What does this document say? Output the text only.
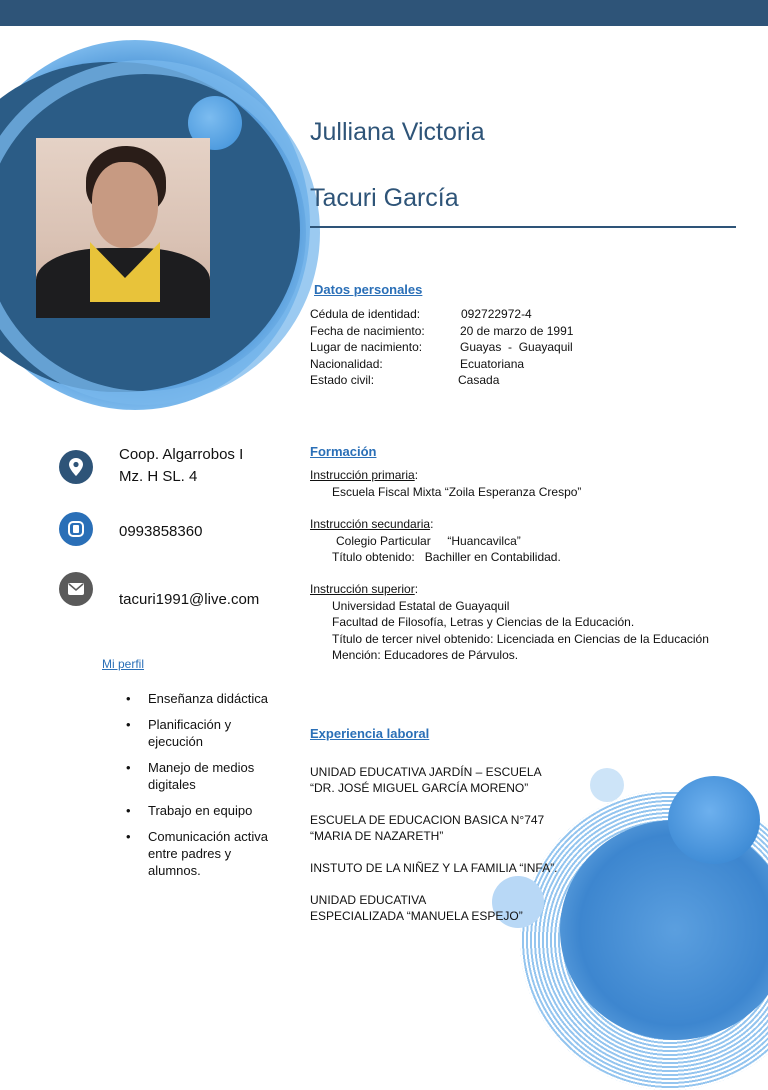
Julliana Victoria
Tacuri García
Datos personales
Cédula de identidad:	092722972-4
Fecha de nacimiento:	20 de marzo de 1991
Lugar de nacimiento:	Guayas  -  Guayaquil
Nacionalidad:	Ecuatoriana
Estado civil:	Casada
Formación
Instrucción primaria:
Escuela Fiscal Mixta “Zoila Esperanza Crespo”
Instrucción secundaria:
Colegio Particular     “Huancavilca”
Título obtenido:   Bachiller en Contabilidad.
Instrucción superior:
Universidad Estatal de Guayaquil
Facultad de Filosofía, Letras y Ciencias de la Educación.
Título de tercer nivel obtenido: Licenciada en Ciencias de la Educación
Mención: Educadores de Párvulos.
Experiencia laboral
UNIDAD EDUCATIVA JARDÍN – ESCUELA
“DR. JOSÉ MIGUEL GARCÍA MORENO”
ESCUELA DE EDUCACION BASICA N°747
“MARIA DE NAZARETH”
INSTUTO DE LA NIÑEZ Y LA FAMILIA “INFA”.
UNIDAD EDUCATIVA
ESPECIALIZADA “MANUELA ESPEJO”
Coop. Algarrobos I
Mz. H SL. 4
0993858360
tacuri1991@live.com
Mi perfil
• Enseñanza didáctica
• Planificación y ejecución
• Manejo de medios digitales
• Trabajo en equipo
• Comunicación activa entre padres y alumnos.
